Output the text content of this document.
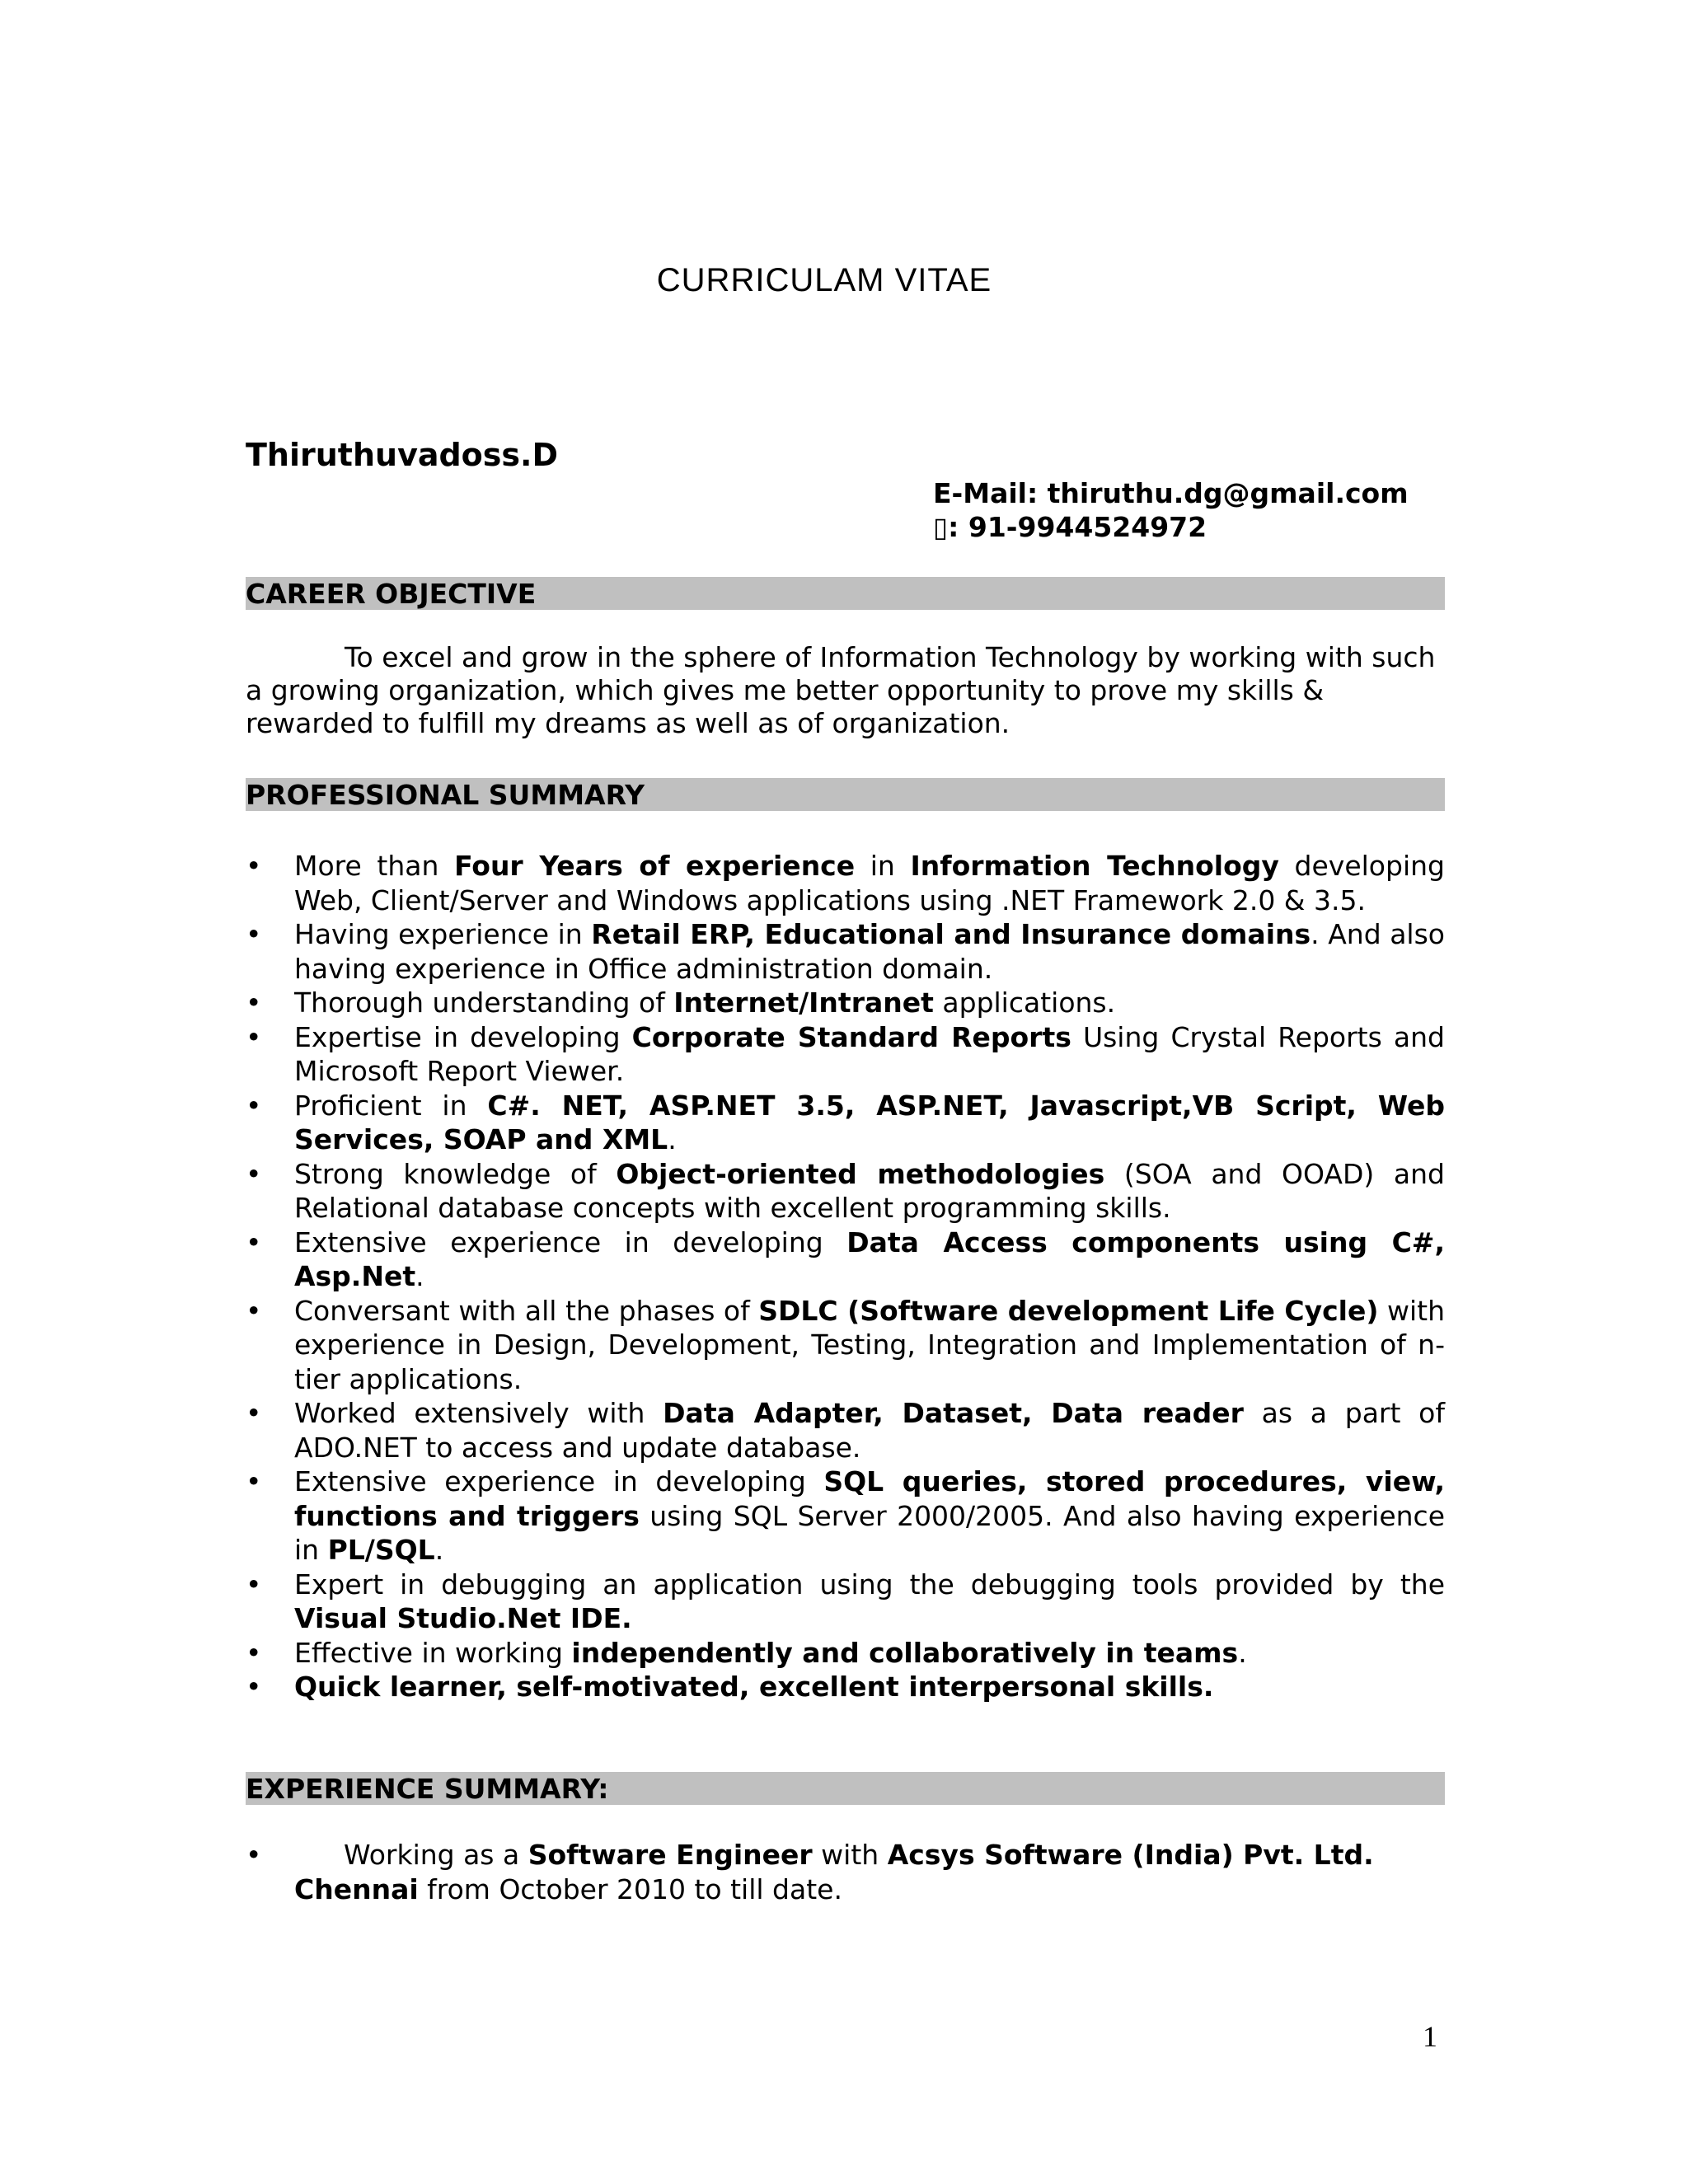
CURRICULAM VITAE
Thiruthuvadoss.D
E-Mail: thiruthu.dg@gmail.com
▯: 91-9944524972
CAREER OBJECTIVE
To excel and grow in the sphere of Information Technology by working with such a growing organization, which gives me better opportunity to prove my skills & rewarded to fulfill my dreams as well as of organization.
PROFESSIONAL SUMMARY
• More than Four Years of experience in Information Technology developing Web, Client/Server and Windows applications using .NET Framework 2.0 & 3.5.
• Having experience in Retail ERP, Educational and Insurance domains. And also having experience in Office administration domain.
• Thorough understanding of Internet/Intranet applications.
• Expertise in developing Corporate Standard Reports Using Crystal Reports and Microsoft Report Viewer.
• Proficient in C#. NET, ASP.NET 3.5, ASP.NET, Javascript,VB Script, Web Services, SOAP and XML.
• Strong knowledge of Object-oriented methodologies (SOA and OOAD) and Relational database concepts with excellent programming skills.
• Extensive experience in developing Data Access components using C#, Asp.Net.
• Conversant with all the phases of SDLC (Software development Life Cycle) with experience in Design, Development, Testing, Integration and Implementation of n-tier applications.
• Worked extensively with Data Adapter, Dataset, Data reader as a part of ADO.NET to access and update database.
• Extensive experience in developing SQL queries, stored procedures, view, functions and triggers using SQL Server 2000/2005. And also having experience in PL/SQL.
• Expert in debugging an application using the debugging tools provided by the Visual Studio.Net IDE.
• Effective in working independently and collaboratively in teams.
• Quick learner, self-motivated, excellent interpersonal skills.
EXPERIENCE SUMMARY:
• Working as a Software Engineer with Acsys Software (India) Pvt. Ltd. Chennai from October 2010 to till date.
1
